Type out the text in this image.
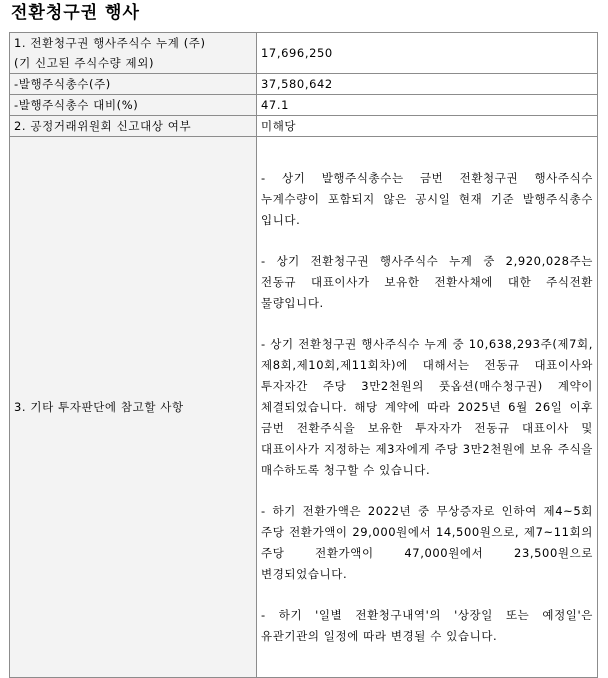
전환청구권 행사
1. 전환청구권 행사주식수 누계 (주)
(기 신고된 주식수량 제외)	17,696,250
-발행주식총수(주)	37,580,642
-발행주식총수 대비(%)	47.1
2. 공정거래위원회 신고대상 여부	미해당
3. 기타 투자판단에 참고할 사항	- 상기 발행주식총수는 금번 전환청구권 행사주식수 누계수량이 포함되지 않은 공시일 현재 기준 발행주식총수 입니다.
- 상기 전환청구권 행사주식수 누계 중 2,920,028주는 전동규 대표이사가 보유한 전환사채에 대한 주식전환 물량입니다.
- 상기 전환청구권 행사주식수 누계 중 10,638,293주(제7회,제8회,제10회,제11회차)에 대해서는 전동규 대표이사와 투자자간 주당 3만2천원의 풋옵션(매수청구권) 계약이 체결되었습니다. 해당 계약에 따라 2025년 6월 26일 이후 금번 전환주식을 보유한 투자자가 전동규 대표이사 및 대표이사가 지정하는 제3자에게 주당 3만2천원에 보유 주식을 매수하도록 청구할 수 있습니다.
- 하기 전환가액은 2022년 중 무상증자로 인하여 제4~5회 주당 전환가액이 29,000원에서 14,500원으로, 제7~11회의 주당 전환가액이 47,000원에서 23,500원으로 변경되었습니다.
- 하기 '일별 전환청구내역'의 '상장일 또는 예정일'은 유관기관의 일정에 따라 변경될 수 있습니다.
